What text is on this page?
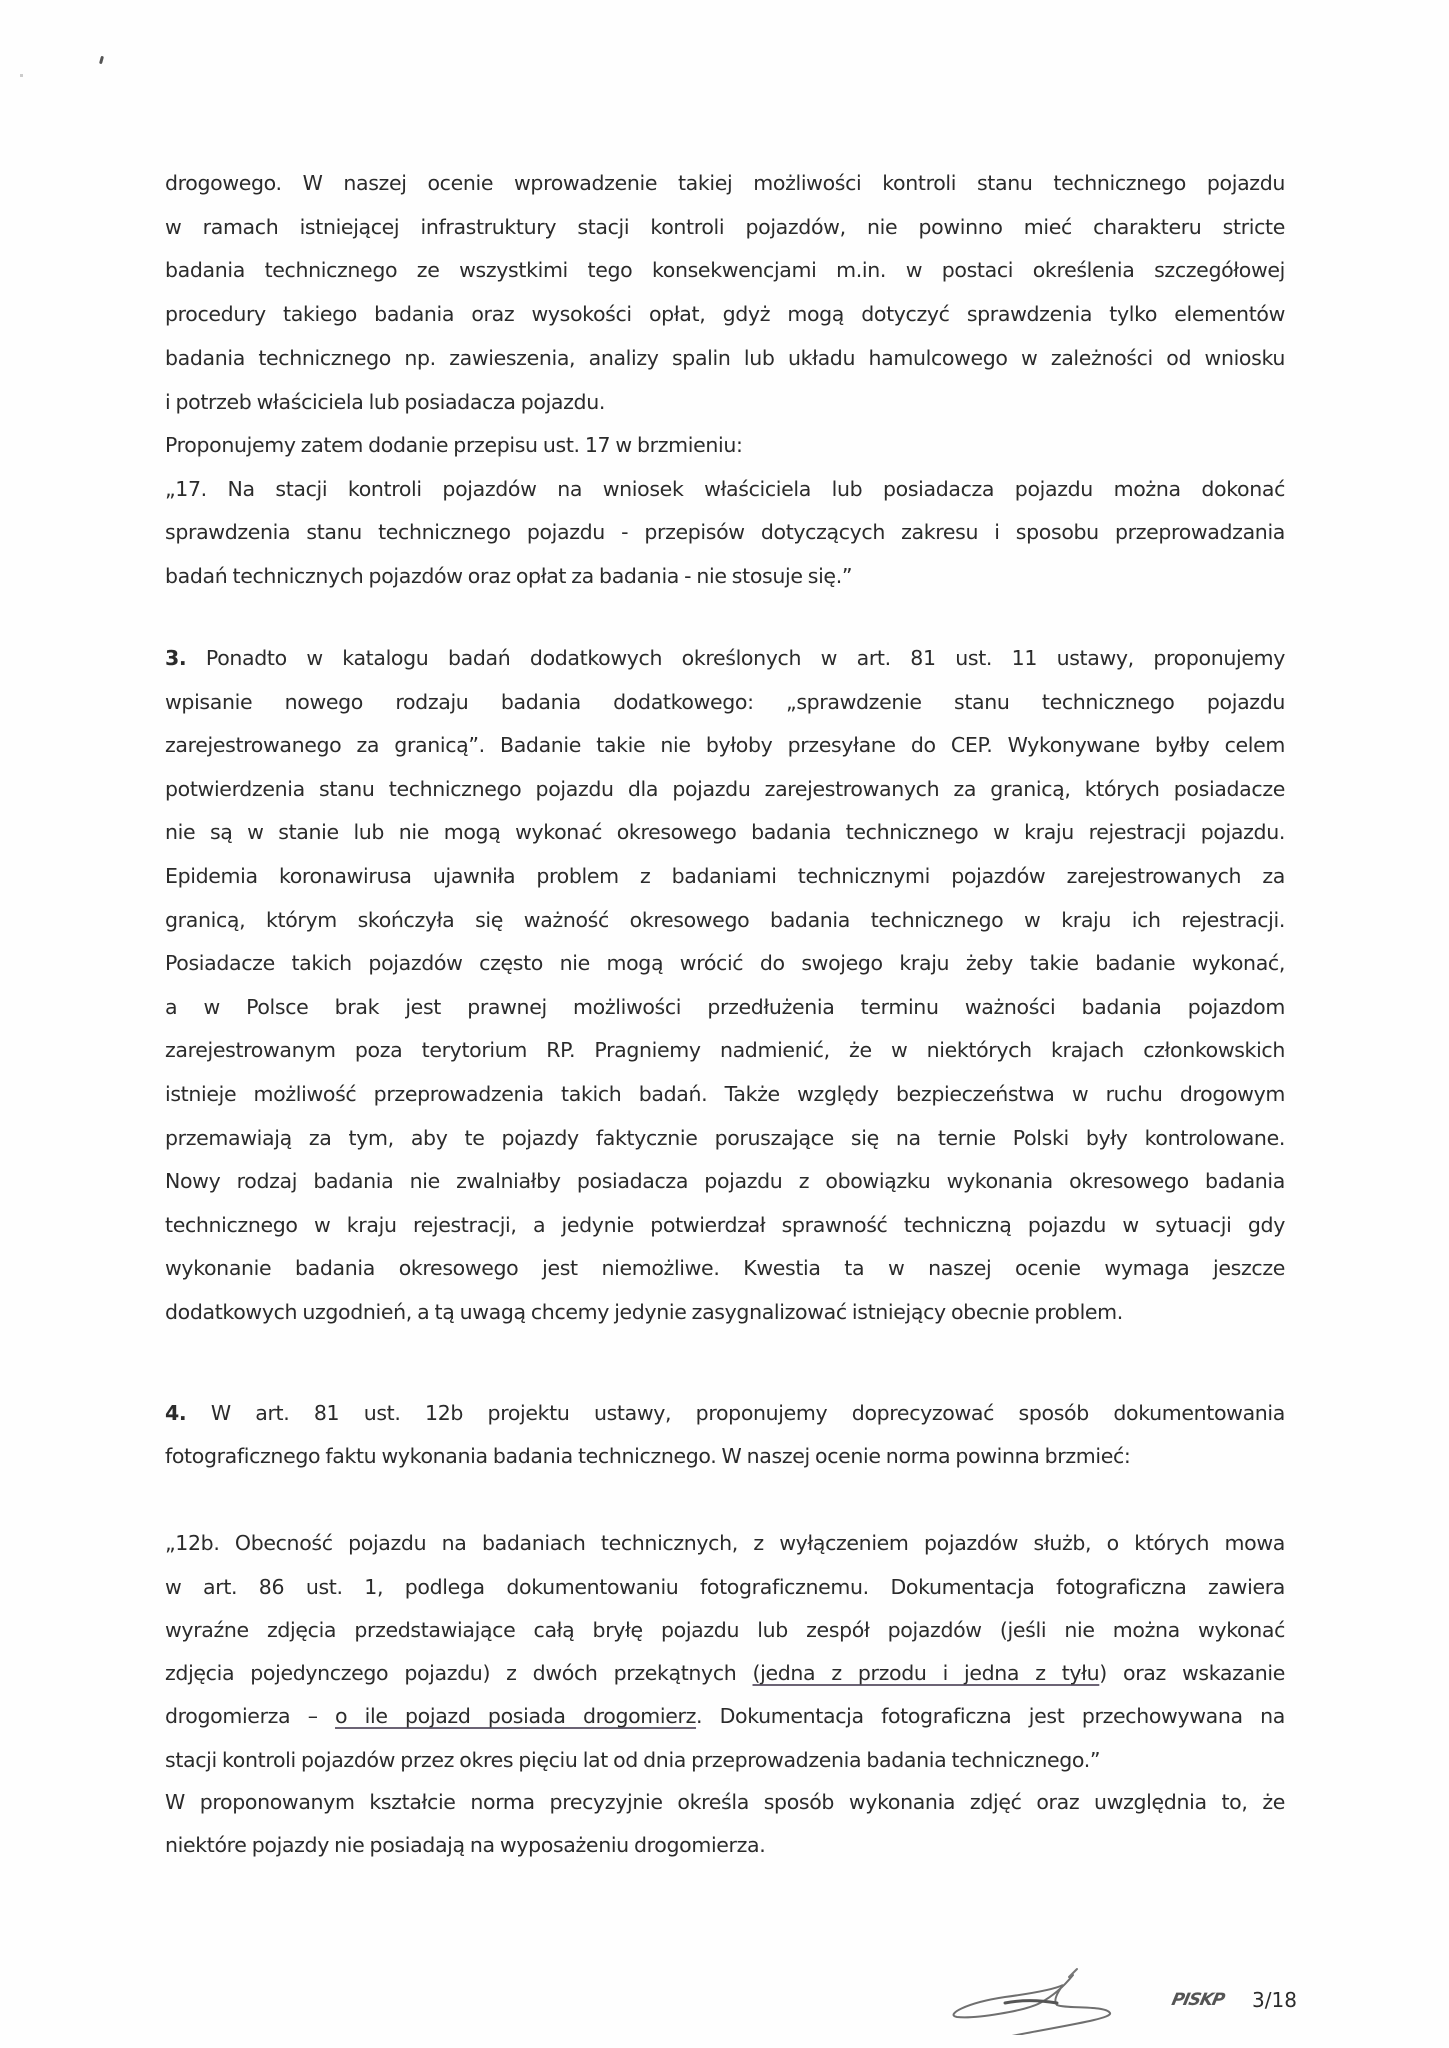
drogowego. W naszej ocenie wprowadzenie takiej możliwości kontroli stanu technicznego pojazdu
w ramach istniejącej infrastruktury stacji kontroli pojazdów, nie powinno mieć charakteru stricte
badania technicznego ze wszystkimi tego konsekwencjami m.in. w postaci określenia szczegółowej
procedury takiego badania oraz wysokości opłat, gdyż mogą dotyczyć sprawdzenia tylko elementów
badania technicznego np. zawieszenia, analizy spalin lub układu hamulcowego w zależności od wniosku
i potrzeb właściciela lub posiadacza pojazdu.
Proponujemy zatem dodanie przepisu ust. 17 w brzmieniu:
„17. Na stacji kontroli pojazdów na wniosek właściciela lub posiadacza pojazdu można dokonać
sprawdzenia stanu technicznego pojazdu - przepisów dotyczących zakresu i sposobu przeprowadzania
badań technicznych pojazdów oraz opłat za badania - nie stosuje się.”
3. Ponadto w katalogu badań dodatkowych określonych w art. 81 ust. 11 ustawy, proponujemy
wpisanie nowego rodzaju badania dodatkowego: „sprawdzenie stanu technicznego pojazdu
zarejestrowanego za granicą”. Badanie takie nie byłoby przesyłane do CEP. Wykonywane byłby celem
potwierdzenia stanu technicznego pojazdu dla pojazdu zarejestrowanych za granicą, których posiadacze
nie są w stanie lub nie mogą wykonać okresowego badania technicznego w kraju rejestracji pojazdu.
Epidemia koronawirusa ujawniła problem z badaniami technicznymi pojazdów zarejestrowanych za
granicą, którym skończyła się ważność okresowego badania technicznego w kraju ich rejestracji.
Posiadacze takich pojazdów często nie mogą wrócić do swojego kraju żeby takie badanie wykonać,
a w Polsce brak jest prawnej możliwości przedłużenia terminu ważności badania pojazdom
zarejestrowanym poza terytorium RP. Pragniemy nadmienić, że w niektórych krajach członkowskich
istnieje możliwość przeprowadzenia takich badań. Także względy bezpieczeństwa w ruchu drogowym
przemawiają za tym, aby te pojazdy faktycznie poruszające się na ternie Polski były kontrolowane.
Nowy rodzaj badania nie zwalniałby posiadacza pojazdu z obowiązku wykonania okresowego badania
technicznego w kraju rejestracji, a jedynie potwierdzał sprawność techniczną pojazdu w sytuacji gdy
wykonanie badania okresowego jest niemożliwe. Kwestia ta w naszej ocenie wymaga jeszcze
dodatkowych uzgodnień, a tą uwagą chcemy jedynie zasygnalizować istniejący obecnie problem.
4. W art. 81 ust. 12b projektu ustawy, proponujemy doprecyzować sposób dokumentowania
fotograficznego faktu wykonania badania technicznego. W naszej ocenie norma powinna brzmieć:
„12b. Obecność pojazdu na badaniach technicznych, z wyłączeniem pojazdów służb, o których mowa
w art. 86 ust. 1, podlega dokumentowaniu fotograficznemu. Dokumentacja fotograficzna zawiera
wyraźne zdjęcia przedstawiające całą bryłę pojazdu lub zespół pojazdów (jeśli nie można wykonać
zdjęcia pojedynczego pojazdu) z dwóch przekątnych (jedna z przodu i jedna z tyłu) oraz wskazanie
drogomierza – o ile pojazd posiada drogomierz. Dokumentacja fotograficzna jest przechowywana na
stacji kontroli pojazdów przez okres pięciu lat od dnia przeprowadzenia badania technicznego.”
W proponowanym kształcie norma precyzyjnie określa sposób wykonania zdjęć oraz uwzględnia to, że
niektóre pojazdy nie posiadają na wyposażeniu drogomierza.
PISKP 3/18
